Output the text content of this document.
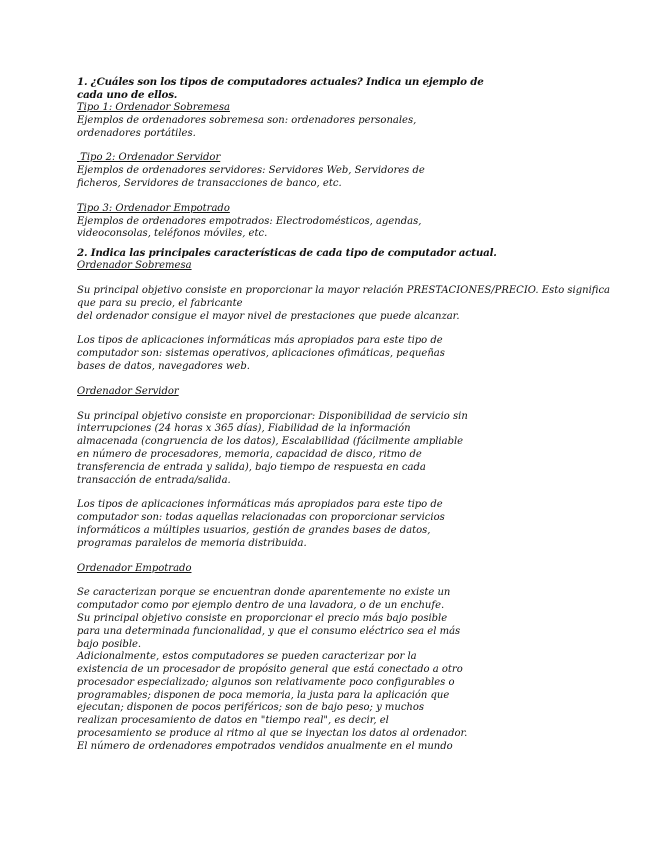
1. ¿Cuáles son los tipos de computadores actuales? Indica un ejemplo de
cada uno de ellos.
Tipo 1: Ordenador Sobremesa
Ejemplos de ordenadores sobremesa son: ordenadores personales,
ordenadores portátiles.
Tipo 2: Ordenador Servidor
Ejemplos de ordenadores servidores: Servidores Web, Servidores de
ficheros, Servidores de transacciones de banco, etc.
Tipo 3: Ordenador Empotrado
Ejemplos de ordenadores empotrados: Electrodomésticos, agendas,
videoconsolas, teléfonos móviles, etc.
2. Indica las principales características de cada tipo de computador actual.
Ordenador Sobremesa
Su principal objetivo consiste en proporcionar la mayor relación PRESTACIONES/PRECIO. Esto significa
que para su precio, el fabricante
del ordenador consigue el mayor nivel de prestaciones que puede alcanzar.
Los tipos de aplicaciones informáticas más apropiados para este tipo de
computador son: sistemas operativos, aplicaciones ofimáticas, pequeñas
bases de datos, navegadores web.
Ordenador Servidor
Su principal objetivo consiste en proporcionar: Disponibilidad de servicio sin
interrupciones (24 horas x 365 días), Fiabilidad de la información
almacenada (congruencia de los datos), Escalabilidad (fácilmente ampliable
en número de procesadores, memoria, capacidad de disco, ritmo de
transferencia de entrada y salida), bajo tiempo de respuesta en cada
transacción de entrada/salida.
Los tipos de aplicaciones informáticas más apropiados para este tipo de
computador son: todas aquellas relacionadas con proporcionar servicios
informáticos a múltiples usuarios, gestión de grandes bases de datos,
programas paralelos de memoria distribuida.
Ordenador Empotrado
Se caracterizan porque se encuentran donde aparentemente no existe un
computador como por ejemplo dentro de una lavadora, o de un enchufe.
Su principal objetivo consiste en proporcionar el precio más bajo posible
para una determinada funcionalidad, y que el consumo eléctrico sea el más
bajo posible.
Adicionalmente, estos computadores se pueden caracterizar por la
existencia de un procesador de propósito general que está conectado a otro
procesador especializado; algunos son relativamente poco configurables o
programables; disponen de poca memoria, la justa para la aplicación que
ejecutan; disponen de pocos periféricos; son de bajo peso; y muchos
realizan procesamiento de datos en "tiempo real", es decir, el
procesamiento se produce al ritmo al que se inyectan los datos al ordenador.
El número de ordenadores empotrados vendidos anualmente en el mundo
